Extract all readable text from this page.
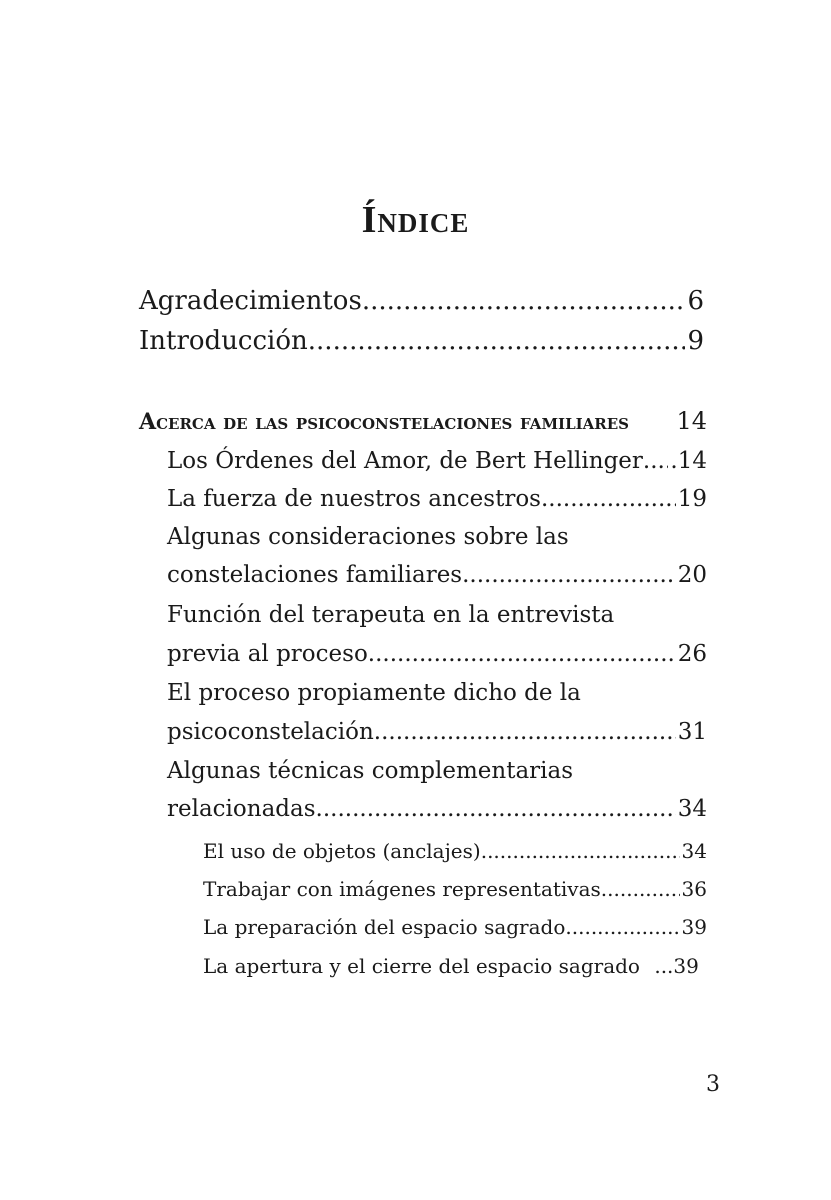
Índice
Agradecimientos .....	6
Introducción .....	9
Acerca de las psicoconstelaciones familiares	14
Los Órdenes del Amor, de Bert Hellinger ..... .14
La fuerza de nuestros ancestros .....	19
Algunas consideraciones sobre las
constelaciones familiares .....	20
Función del terapeuta en la entrevista
previa al proceso .....	26
El proceso propiamente dicho de la
psicoconstelación .....	31
Algunas técnicas complementarias
relacionadas .....	34
El uso de objetos (anclajes) .....	34
Trabajar con imágenes representativas .....	36
La preparación del espacio sagrado .....	39
La apertura y el cierre del espacio sagrado ...39
3
